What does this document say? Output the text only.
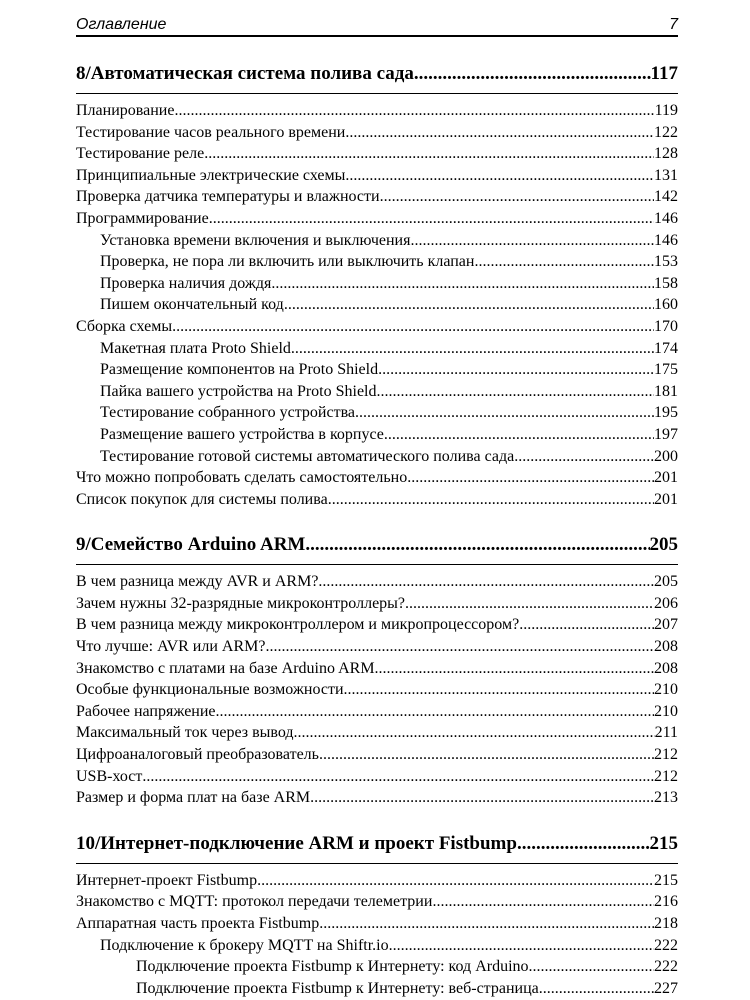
Оглавление	7
8/Автоматическая система полива сада .....	117
Планирование .....	119
Тестирование часов реального времени .....	122
Тестирование реле .....	128
Принципиальные электрические схемы .....	131
Проверка датчика температуры и влажности .....	142
Программирование .....	146
Установка времени включения и выключения .....	146
Проверка, не пора ли включить или выключить клапан .....	153
Проверка наличия дождя .....	158
Пишем окончательный код .....	160
Сборка схемы .....	170
Макетная плата Proto Shield .....	174
Размещение компонентов на Proto Shield .....	175
Пайка вашего устройства на Proto Shield .....	181
Тестирование собранного устройства .....	195
Размещение вашего устройства в корпусе .....	197
Тестирование готовой системы автоматического полива сада .....	200
Что можно попробовать сделать самостоятельно .....	201
Список покупок для системы полива .....	201
9/Семейство Arduino ARM .....	205
В чем разница между AVR и ARM? .....	205
Зачем нужны 32-разрядные микроконтроллеры? .....	206
В чем разница между микроконтроллером и микропроцессором? .....	207
Что лучше: AVR или ARM? .....	208
Знакомство с платами на базе Arduino ARM .....	208
Особые функциональные возможности .....	210
Рабочее напряжение .....	210
Максимальный ток через вывод .....	211
Цифроаналоговый преобразователь .....	212
USB-хост .....	212
Размер и форма плат на базе ARM .....	213
10/Интернет-подключение ARM и проект Fistbump .....	215
Интернет-проект Fistbump .....	215
Знакомство с MQTT: протокол передачи телеметрии .....	216
Аппаратная часть проекта Fistbump .....	218
Подключение к брокеру MQTT на Shiftr.io .....	222
Подключение проекта Fistbump к Интернету: код Arduino .....	222
Подключение проекта Fistbump к Интернету: веб-страница .....	227
